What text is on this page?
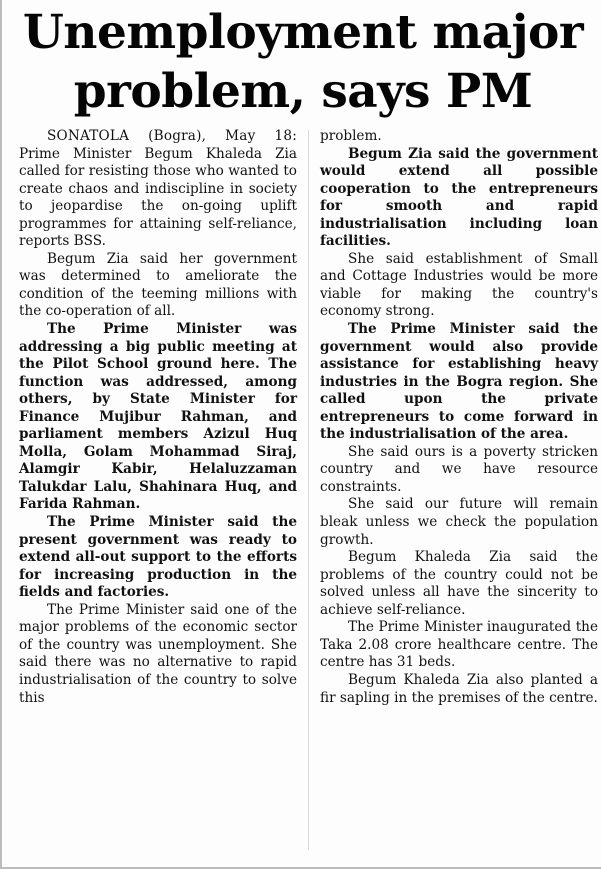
Unemployment major
problem, says PM

SONATOLA (Bogra), May 18: Prime Minister Begum Khaleda Zia called for resisting those who wanted to create chaos and indiscipline in society to jeopardise the on-going uplift programmes for attaining self-reliance, reports BSS.

Begum Zia said her government was determined to ameliorate the condition of the teeming millions with the co-operation of all.

The Prime Minister was addressing a big public meeting at the Pilot School ground here. The function was addressed, among others, by State Minister for Finance Mujibur Rahman, and parliament members Azizul Huq Molla, Golam Mohammad Siraj, Alamgir Kabir, Helaluzzaman Talukdar Lalu, Shahinara Huq, and Farida Rahman.

The Prime Minister said the present government was ready to extend all-out support to the efforts for increasing production in the fields and factories.

The Prime Minister said one of the major problems of the economic sector of the country was unemployment. She said there was no alternative to rapid industrialisation of the country to solve this

problem.

Begum Zia said the government would extend all possible cooperation to the entrepreneurs for smooth and rapid industrialisation including loan facilities.

She said establishment of Small and Cottage Industries would be more viable for making the country's economy strong.

The Prime Minister said the government would also provide assistance for establishing heavy industries in the Bogra region. She called upon the private entrepreneurs to come forward in the industrialisation of the area.

She said ours is a poverty stricken country and we have resource constraints.

She said our future will remain bleak unless we check the population growth.

Begum Khaleda Zia said the problems of the country could not be solved unless all have the sincerity to achieve self-reliance.

The Prime Minister inaugurated the Taka 2.08 crore healthcare centre. The centre has 31 beds.

Begum Khaleda Zia also planted a fir sapling in the premises of the centre.
